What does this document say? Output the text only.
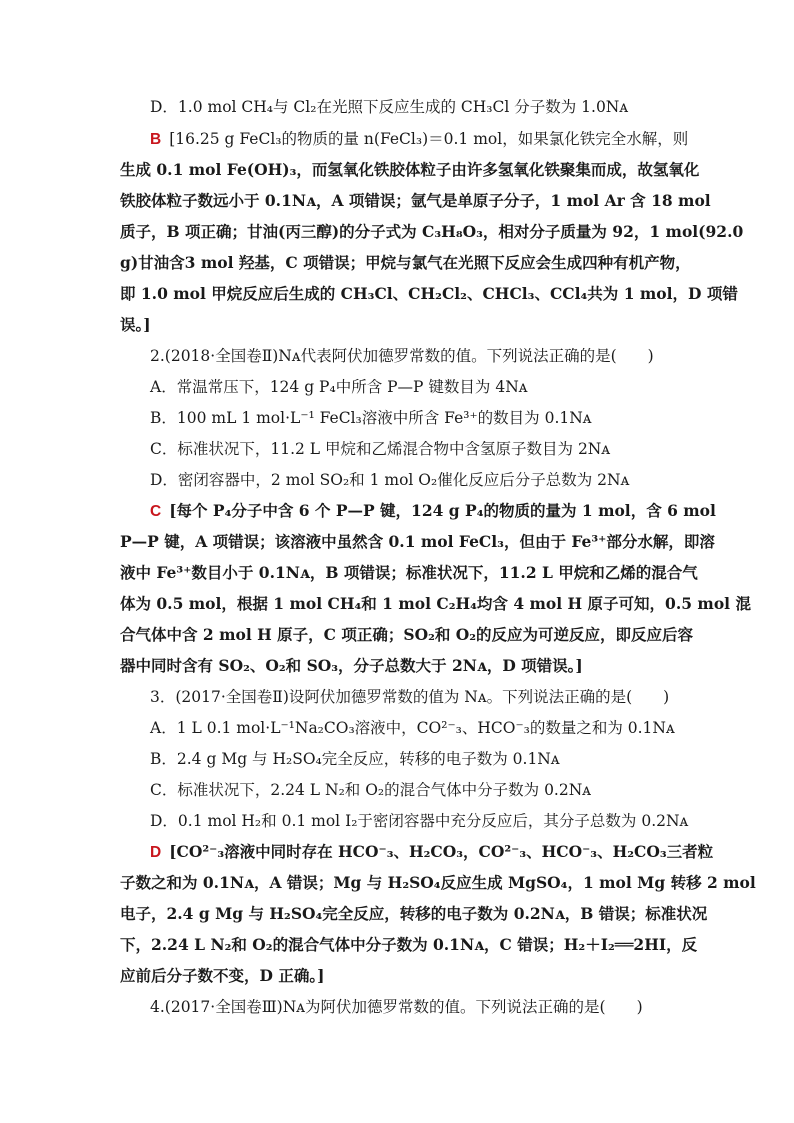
D．1.0 mol CH₄与 Cl₂在光照下反应生成的 CH₃Cl 分子数为 1.0Nᴀ
B [16.25 g FeCl₃的物质的量 n(FeCl₃)＝0.1 mol，如果氯化铁完全水解，则
生成 0.1 mol Fe(OH)₃，而氢氧化铁胶体粒子由许多氢氧化铁聚集而成，故氢氧化
铁胶体粒子数远小于 0.1Nᴀ，A 项错误；氩气是单原子分子，1 mol Ar 含 18 mol
质子，B 项正确；甘油(丙三醇)的分子式为 C₃H₈O₃，相对分子质量为 92，1 mol(92.0
g)甘油含3 mol 羟基，C 项错误；甲烷与氯气在光照下反应会生成四种有机产物，
即 1.0 mol 甲烷反应后生成的 CH₃Cl、CH₂Cl₂、CHCl₃、CCl₄共为 1 mol，D 项错
误。]
2.(2018·全国卷Ⅱ)Nᴀ代表阿伏加德罗常数的值。下列说法正确的是(　　)
A．常温常压下，124 g P₄中所含 P—P 键数目为 4Nᴀ
B．100 mL 1 mol·L⁻¹ FeCl₃溶液中所含 Fe³⁺的数目为 0.1Nᴀ
C．标准状况下，11.2 L 甲烷和乙烯混合物中含氢原子数目为 2Nᴀ
D．密闭容器中，2 mol SO₂和 1 mol O₂催化反应后分子总数为 2Nᴀ
C [每个 P₄分子中含 6 个 P—P 键，124 g P₄的物质的量为 1 mol，含 6 mol
P—P 键，A 项错误；该溶液中虽然含 0.1 mol FeCl₃，但由于 Fe³⁺部分水解，即溶
液中 Fe³⁺数目小于 0.1Nᴀ，B 项错误；标准状况下，11.2 L 甲烷和乙烯的混合气
体为 0.5 mol，根据 1 mol CH₄和 1 mol C₂H₄均含 4 mol H 原子可知，0.5 mol 混
合气体中含 2 mol H 原子，C 项正确；SO₂和 O₂的反应为可逆反应，即反应后容
器中同时含有 SO₂、O₂和 SO₃，分子总数大于 2Nᴀ，D 项错误。]
3．(2017·全国卷Ⅱ)设阿伏加德罗常数的值为 Nᴀ。下列说法正确的是(　　)
A．1 L 0.1 mol·L⁻¹Na₂CO₃溶液中，CO²⁻₃、HCO⁻₃的数量之和为 0.1Nᴀ
B．2.4 g Mg 与 H₂SO₄完全反应，转移的电子数为 0.1Nᴀ
C．标准状况下，2.24 L N₂和 O₂的混合气体中分子数为 0.2Nᴀ
D．0.1 mol H₂和 0.1 mol I₂于密闭容器中充分反应后，其分子总数为 0.2Nᴀ
D [CO²⁻₃溶液中同时存在 HCO⁻₃、H₂CO₃，CO²⁻₃、HCO⁻₃、H₂CO₃三者粒
子数之和为 0.1Nᴀ，A 错误；Mg 与 H₂SO₄反应生成 MgSO₄，1 mol Mg 转移 2 mol
电子，2.4 g Mg 与 H₂SO₄完全反应，转移的电子数为 0.2Nᴀ，B 错误；标准状况
下，2.24 L N₂和 O₂的混合气体中分子数为 0.1Nᴀ，C 错误；H₂＋I₂══2HI，反
应前后分子数不变，D 正确。]
4.(2017·全国卷Ⅲ)Nᴀ为阿伏加德罗常数的值。下列说法正确的是(　　)
